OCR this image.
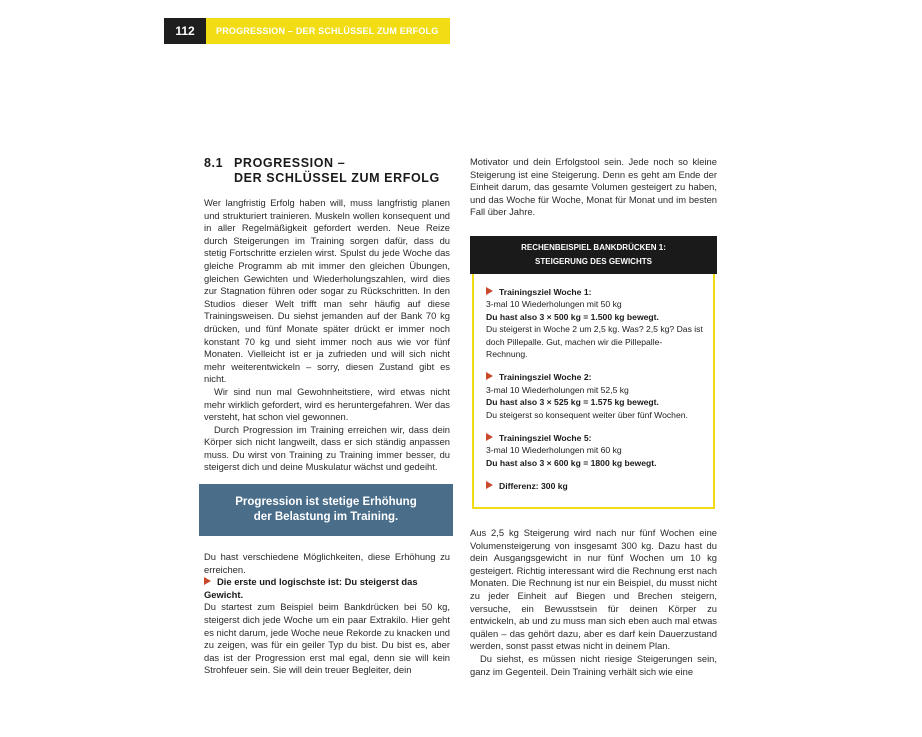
112	PROGRESSION – DER SCHLÜSSEL ZUM ERFOLG
8.1 PROGRESSION –
DER SCHLÜSSEL ZUM ERFOLG

Wer langfristig Erfolg haben will, muss langfristig planen und strukturiert trainieren. Muskeln wollen konsequent und in aller Regelmäßigkeit gefordert werden. Neue Reize durch Steigerungen im Training sorgen dafür, dass du stetig Fortschritte erzielen wirst. Spulst du jede Woche das gleiche Programm ab mit immer den gleichen Übungen, gleichen Gewichten und Wiederholungszahlen, wird dies zur Stagnation führen oder sogar zu Rückschritten. In den Studios dieser Welt trifft man sehr häufig auf diese Trainingsweisen. Du siehst jemanden auf der Bank 70 kg drücken, und fünf Monate später drückt er immer noch konstant 70 kg und sieht immer noch aus wie vor fünf Monaten. Vielleicht ist er ja zufrieden und will sich nicht mehr weiterentwickeln – sorry, diesen Zustand gibt es nicht.

Wir sind nun mal Gewohnheitstiere, wird etwas nicht mehr wirklich gefordert, wird es heruntergefahren. Wer das versteht, hat schon viel gewonnen.

Durch Progression im Training erreichen wir, dass dein Körper sich nicht langweilt, dass er sich ständig anpassen muss. Du wirst von Training zu Training immer besser, du steigerst dich und deine Muskulatur wächst und gedeiht.

Progression ist stetige Erhöhung der Belastung im Training.

Du hast verschiedene Möglichkeiten, diese Erhöhung zu erreichen.

Die erste und logischste ist: Du steigerst das Gewicht.

Du startest zum Beispiel beim Bankdrücken bei 50 kg, steigerst dich jede Woche um ein paar Extrakilo. Hier geht es nicht darum, jede Woche neue Rekorde zu knacken und zu zeigen, was für ein geiler Typ du bist. Du bist es, aber das ist der Progression erst mal egal, denn sie will kein Strohfeuer sein. Sie will dein treuer Begleiter, dein

Motivator und dein Erfolgstool sein. Jede noch so kleine Steigerung ist eine Steigerung. Denn es geht am Ende der Einheit darum, das gesamte Volumen gesteigert zu haben, und das Woche für Woche, Monat für Monat und im besten Fall über Jahre.

RECHENBEISPIEL BANKDRÜCKEN 1:
STEIGERUNG DES GEWICHTS
Trainingsziel Woche 1:
3-mal 10 Wiederholungen mit 50 kg
Du hast also 3 × 500 kg = 1.500 kg bewegt.
Du steigerst in Woche 2 um 2,5 kg. Was? 2,5 kg? Das ist doch Pillepalle. Gut, machen wir die Pillepalle-Rechnung.
Trainingsziel Woche 2:
3-mal 10 Wiederholungen mit 52,5 kg
Du hast also 3 × 525 kg = 1.575 kg bewegt.
Du steigerst so konsequent weiter über fünf Wochen.
Trainingsziel Woche 5:
3-mal 10 Wiederholungen mit 60 kg
Du hast also 3 × 600 kg = 1800 kg bewegt.
Differenz: 300 kg

Aus 2,5 kg Steigerung wird nach nur fünf Wochen eine Volumensteigerung von insgesamt 300 kg. Dazu hast du dein Ausgangsgewicht in nur fünf Wochen um 10 kg gesteigert. Richtig interessant wird die Rechnung erst nach Monaten. Die Rechnung ist nur ein Beispiel, du musst nicht zu jeder Einheit auf Biegen und Brechen steigern, versuche, ein Bewusstsein für deinen Körper zu entwickeln, ab und zu muss man sich eben auch mal etwas quälen – das gehört dazu, aber es darf kein Dauerzustand werden, sonst passt etwas nicht in deinem Plan.

Du siehst, es müssen nicht riesige Steigerungen sein, ganz im Gegenteil. Dein Training verhält sich wie eine
